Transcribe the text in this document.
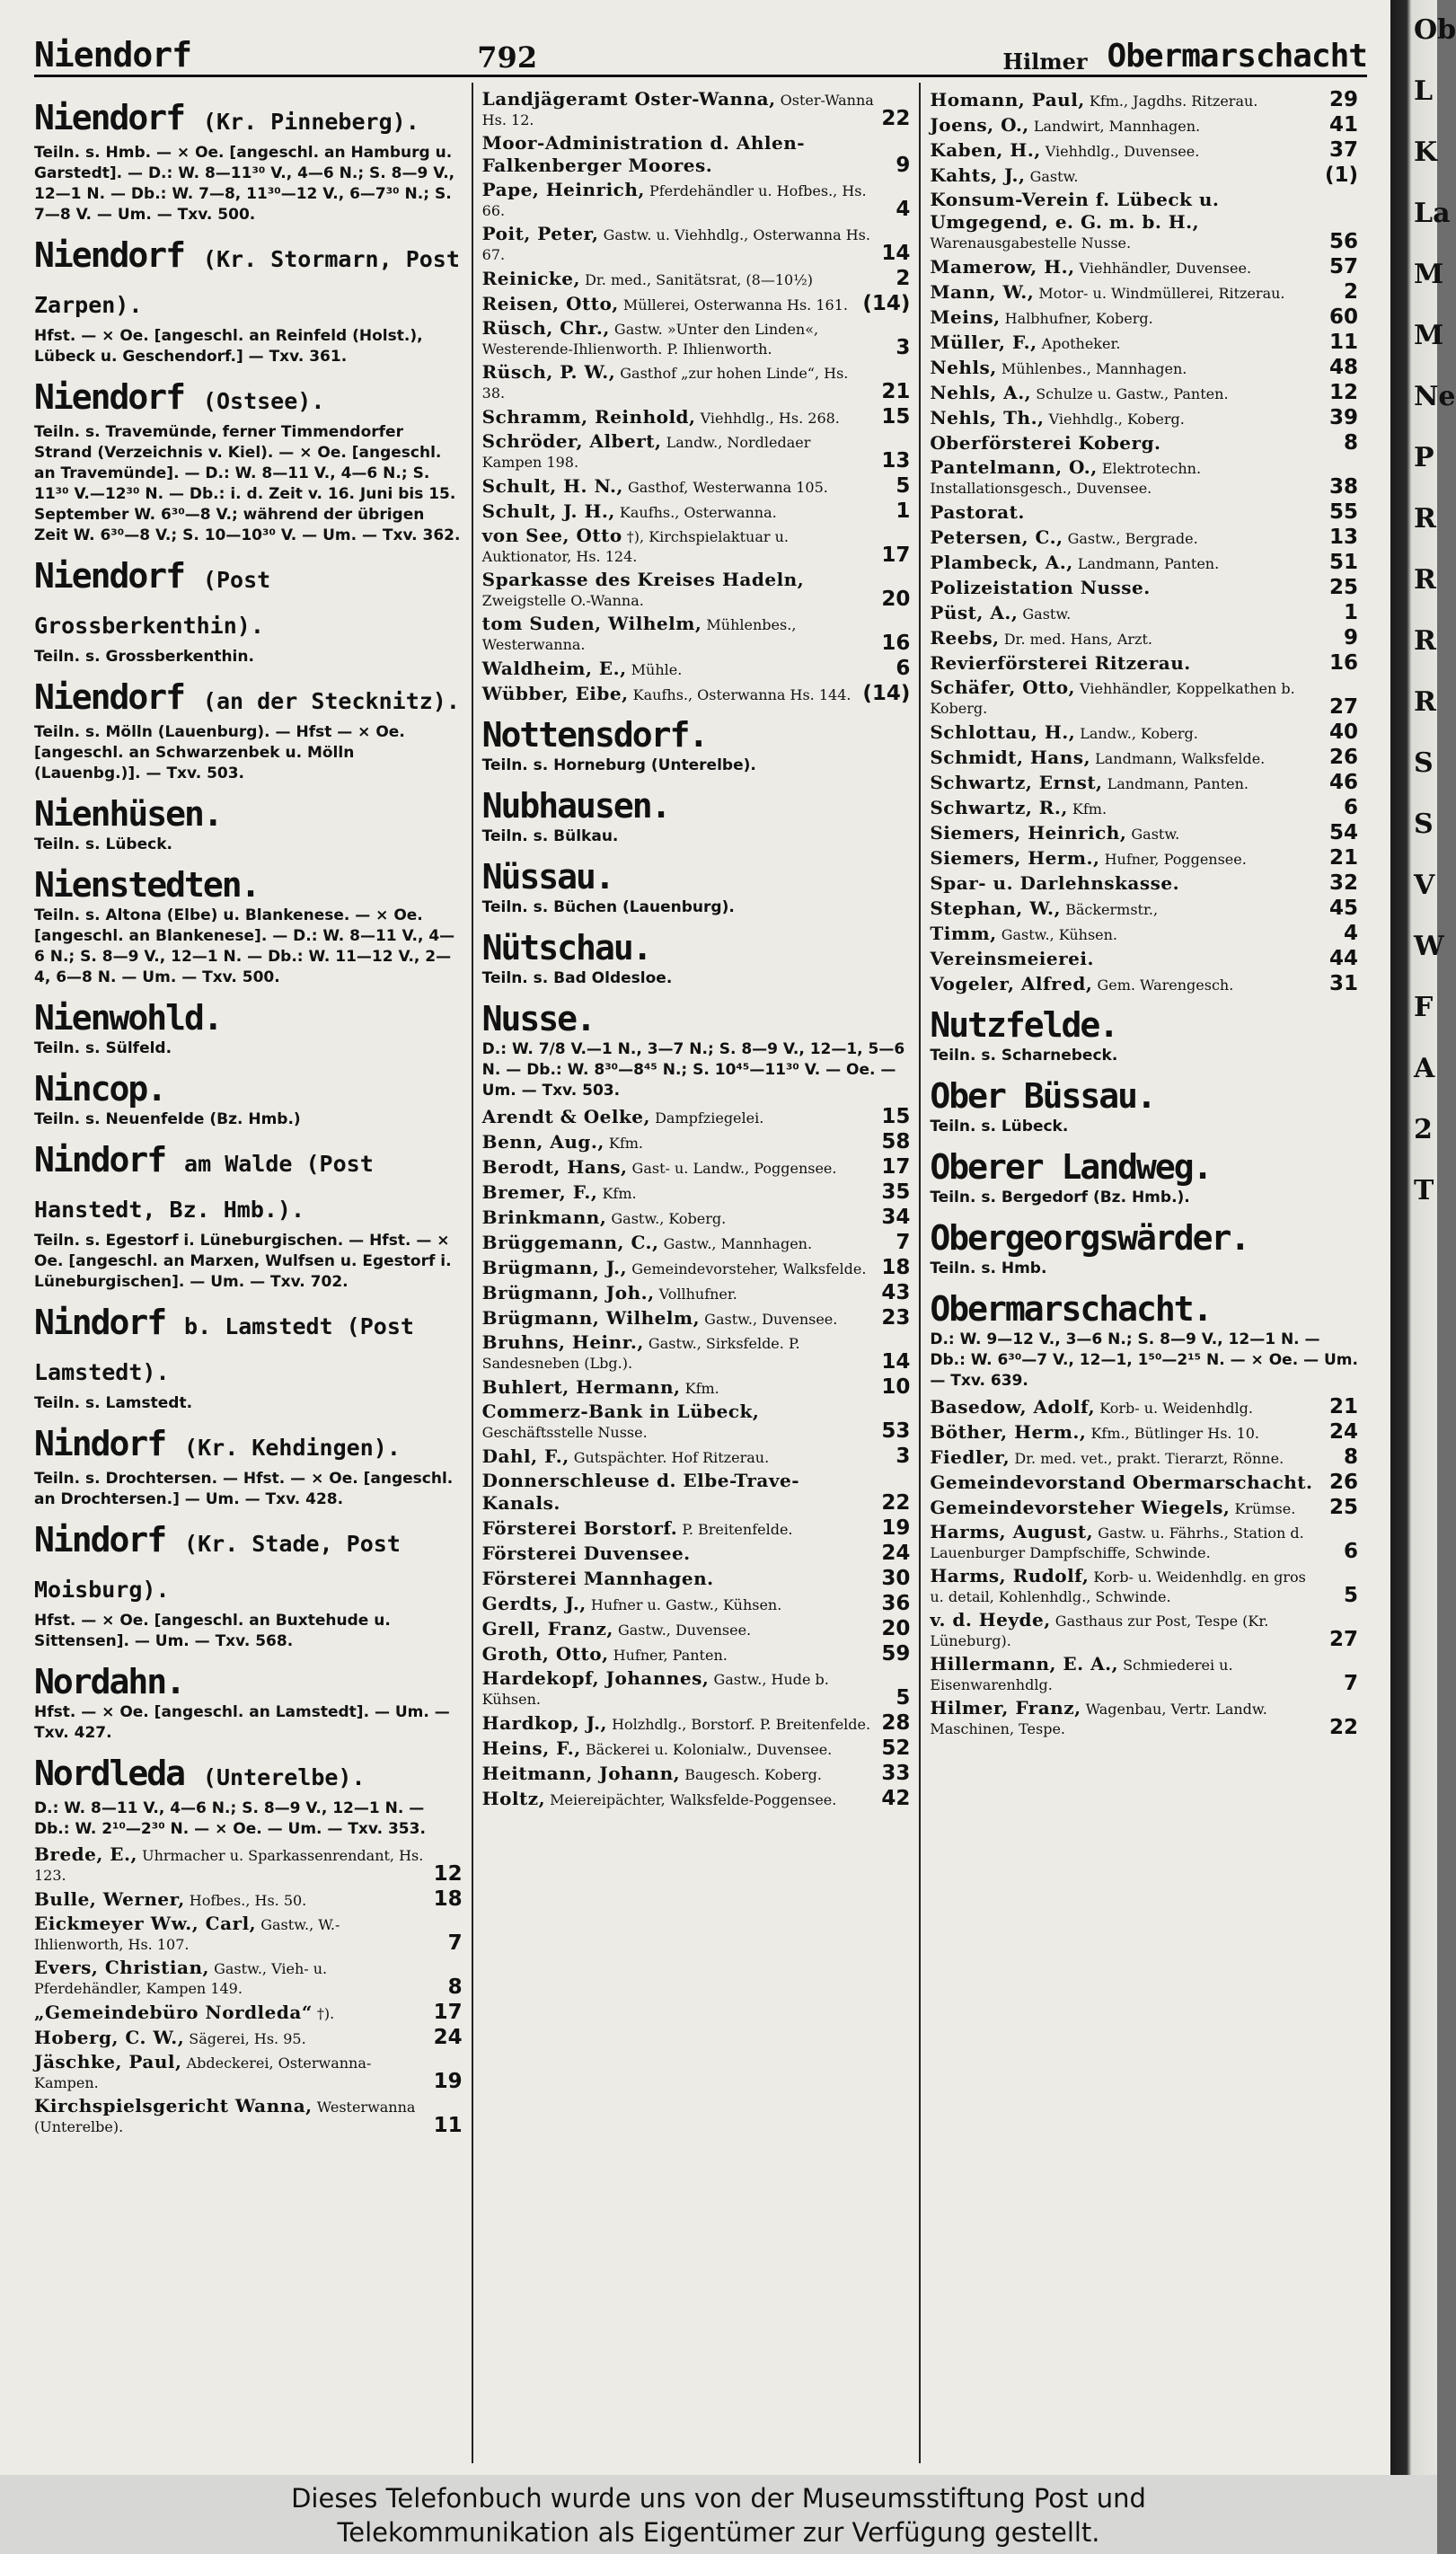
Niendorf	792	Hilmer Obermarschacht
Niendorf (Kr. Pinneberg).
Teiln. s. Hmb. — × Oe. [angeschl. an Hamburg u. Garstedt]. — D.: W. 8—11³⁰ V., 4—6 N.; S. 8—9 V., 12—1 N. — Db.: W. 7—8, 11³⁰—12 V., 6—7³⁰ N.; S. 7—8 V. — Um. — Txv. 500.
Niendorf (Kr. Stormarn, Post Zarpen).
Hfst. — × Oe. [angeschl. an Reinfeld (Holst.), Lübeck u. Geschendorf.] — Txv. 361.
Niendorf (Ostsee).
Teiln. s. Travemünde, ferner Timmendorfer Strand (Verzeichnis v. Kiel). — × Oe. [angeschl. an Travemünde]. — D.: W. 8—11 V., 4—6 N.; S. 11³⁰ V.—12³⁰ N. — Db.: i. d. Zeit v. 16. Juni bis 15. September W. 6³⁰—8 V.; während der übrigen Zeit W. 6³⁰—8 V.; S. 10—10³⁰ V. — Um. — Txv. 362.
Niendorf (Post Grossberkenthin).
Teiln. s. Grossberkenthin.
Niendorf (an der Stecknitz).
Teiln. s. Mölln (Lauenburg). — Hfst — × Oe. [angeschl. an Schwarzenbek u. Mölln (Lauenbg.)]. — Txv. 503.
Nienhüsen.
Teiln. s. Lübeck.
Nienstedten.
Teiln. s. Altona (Elbe) u. Blankenese. — × Oe. [angeschl. an Blankenese]. — D.: W. 8—11 V., 4—6 N.; S. 8—9 V., 12—1 N. — Db.: W. 11—12 V., 2—4, 6—8 N. — Um. — Txv. 500.
Nienwohld.
Teiln. s. Sülfeld.
Nincop.
Teiln. s. Neuenfelde (Bz. Hmb.)
Nindorf am Walde (Post Hanstedt, Bz. Hmb.).
Teiln. s. Egestorf i. Lüneburgischen. — Hfst. — × Oe. [angeschl. an Marxen, Wulfsen u. Egestorf i. Lüneburgischen]. — Um. — Txv. 702.
Nindorf b. Lamstedt (Post Lamstedt).
Teiln. s. Lamstedt.
Nindorf (Kr. Kehdingen).
Teiln. s. Drochtersen. — Hfst. — × Oe. [angeschl. an Drochtersen.] — Um. — Txv. 428.
Nindorf (Kr. Stade, Post Moisburg).
Hfst. — × Oe. [angeschl. an Buxtehude u. Sittensen]. — Um. — Txv. 568.
Nordahn.
Hfst. — × Oe. [angeschl. an Lamstedt]. — Um. — Txv. 427.
Nordleda (Unterelbe).
D.: W. 8—11 V., 4—6 N.; S. 8—9 V., 12—1 N. — Db.: W. 2¹⁰—2³⁰ N. — × Oe. — Um. — Txv. 353.
Brede, E., Uhrmacher u. Sparkassenrendant, Hs. 123.	12
Bulle, Werner, Hofbes., Hs. 50.	18
Eickmeyer Ww., Carl, Gastw., W.-Ihlienworth, Hs. 107.	7
Evers, Christian, Gastw., Vieh- u. Pferdehändler, Kampen 149.	8
„Gemeindebüro Nordleda“ †).	17
Hoberg, C. W., Sägerei, Hs. 95.	24
Jäschke, Paul, Abdeckerei, Osterwanna-Kampen.	19
Kirchspielsgericht Wanna, Westerwanna (Unterelbe).	11
Landjägeramt Oster-Wanna, Oster-Wanna Hs. 12.	22
Moor-Administration d. Ahlen-Falkenberger Moores.	9
Pape, Heinrich, Pferdehändler u. Hofbes., Hs. 66.	4
Poit, Peter, Gastw. u. Viehhdlg., Osterwanna Hs. 67.	14
Reinicke, Dr. med., Sanitätsrat, (8—10½)	2
Reisen, Otto, Müllerei, Osterwanna Hs. 161. (14)
Rüsch, Chr., Gastw. »Unter den Linden«, Westerende-Ihlienworth. P. Ihlienworth.	3
Rüsch, P. W., Gasthof „zur hohen Linde“, Hs. 38.	21
Schramm, Reinhold, Viehhdlg., Hs. 268.	15
Schröder, Albert, Landw., Nordledaer Kampen 198.	13
Schult, H. N., Gasthof, Westerwanna 105.	5
Schult, J. H., Kaufhs., Osterwanna.	1
von See, Otto †), Kirchspielaktuar u. Auktionator, Hs. 124.	17
Sparkasse des Kreises Hadeln, Zweigstelle O.-Wanna.	20
tom Suden, Wilhelm, Mühlenbes., Westerwanna.	16
Waldheim, E., Mühle.	6
Wübber, Eibe, Kaufhs., Osterwanna Hs. 144. (14)
Nottensdorf.
Teiln. s. Horneburg (Unterelbe).
Nubhausen.
Teiln. s. Bülkau.
Nüssau.
Teiln. s. Büchen (Lauenburg).
Nütschau.
Teiln. s. Bad Oldesloe.
Nusse.
D.: W. 7/8 V.—1 N., 3—7 N.; S. 8—9 V., 12—1, 5—6 N. — Db.: W. 8³⁰—8⁴⁵ N.; S. 10⁴⁵—11³⁰ V. — Oe. — Um. — Txv. 503.
Arendt & Oelke, Dampfziegelei.	15
Benn, Aug., Kfm.	58
Berodt, Hans, Gast- u. Landw., Poggensee.	17
Bremer, F., Kfm.	35
Brinkmann, Gastw., Koberg.	34
Brüggemann, C., Gastw., Mannhagen.	7
Brügmann, J., Gemeindevorsteher, Walksfelde. 18
Brügmann, Joh., Vollhufner.	43
Brügmann, Wilhelm, Gastw., Duvensee.	23
Bruhns, Heinr., Gastw., Sirksfelde. P. Sandesneben (Lbg.).	14
Buhlert, Hermann, Kfm.	10
Commerz-Bank in Lübeck, Geschäftsstelle Nusse.	53
Dahl, F., Gutspächter. Hof Ritzerau.	3
Donnerschleuse d. Elbe-Trave-Kanals.	22
Försterei Borstorf. P. Breitenfelde.	19
Försterei Duvensee.	24
Försterei Mannhagen.	30
Gerdts, J., Hufner u. Gastw., Kühsen.	36
Grell, Franz, Gastw., Duvensee.	20
Groth, Otto, Hufner, Panten.	59
Hardekopf, Johannes, Gastw., Hude b. Kühsen.	5
Hardkop, J., Holzhdlg., Borstorf. P. Breitenfelde. 28
Heins, F., Bäckerei u. Kolonialw., Duvensee.	52
Heitmann, Johann, Baugesch. Koberg.	33
Holtz, Meiereipächter, Walksfelde-Poggensee.	42
Homann, Paul, Kfm., Jagdhs. Ritzerau.	29
Joens, O., Landwirt, Mannhagen.	41
Kaben, H., Viehhdlg., Duvensee.	37
Kahts, J., Gastw.	(1)
Konsum-Verein f. Lübeck u. Umgegend, e. G. m. b. H., Warenausgabestelle Nusse.	56
Mamerow, H., Viehhändler, Duvensee.	57
Mann, W., Motor- u. Windmüllerei, Ritzerau.	2
Meins, Halbhufner, Koberg.	60
Müller, F., Apotheker.	11
Nehls, Mühlenbes., Mannhagen.	48
Nehls, A., Schulze u. Gastw., Panten.	12
Nehls, Th., Viehhdlg., Koberg.	39
Oberförsterei Koberg.	8
Pantelmann, O., Elektrotechn. Installationsgesch., Duvensee.	38
Pastorat.	55
Petersen, C., Gastw., Bergrade.	13
Plambeck, A., Landmann, Panten.	51
Polizeistation Nusse.	25
Püst, A., Gastw.	1
Reebs, Dr. med. Hans, Arzt.	9
Revierförsterei Ritzerau.	16
Schäfer, Otto, Viehhändler, Koppelkathen b. Koberg.	27
Schlottau, H., Landw., Koberg.	40
Schmidt, Hans, Landmann, Walksfelde.	26
Schwartz, Ernst, Landmann, Panten.	46
Schwartz, R., Kfm.	6
Siemers, Heinrich, Gastw.	54
Siemers, Herm., Hufner, Poggensee.	21
Spar- u. Darlehnskasse.	32
Stephan, W., Bäckermstr.,	45
Timm, Gastw., Kühsen.	4
Vereinsmeierei.	44
Vogeler, Alfred, Gem. Warengesch.	31
Nutzfelde.
Teiln. s. Scharnebeck.
Ober Büssau.
Teiln. s. Lübeck.
Oberer Landweg.
Teiln. s. Bergedorf (Bz. Hmb.).
Obergeorgswärder.
Teiln. s. Hmb.
Obermarschacht.
D.: W. 9—12 V., 3—6 N.; S. 8—9 V., 12—1 N. — Db.: W. 6³⁰—7 V., 12—1, 1⁵⁰—2¹⁵ N. — × Oe. — Um. — Txv. 639.
Basedow, Adolf, Korb- u. Weidenhdlg.	21
Böther, Herm., Kfm., Bütlinger Hs. 10.	24
Fiedler, Dr. med. vet., prakt. Tierarzt, Rönne.	8
Gemeindevorstand Obermarschacht. 26
Gemeindevorsteher Wiegels, Krümse.	25
Harms, August, Gastw. u. Fährhs., Station d. Lauenburger Dampfschiffe, Schwinde.	6
Harms, Rudolf, Korb- u. Weidenhdlg. en gros u. detail, Kohlenhdlg., Schwinde.	5
v. d. Heyde, Gasthaus zur Post, Tespe (Kr. Lüneburg).	27
Hillermann, E. A., Schmiederei u. Eisenwarenhdlg.	7
Hilmer, Franz, Wagenbau, Vertr. Landw. Maschinen, Tespe.	22
Ob
L
K
La
M
M
Ne
P
R
R
R
R
S
S
V
W
F
A
2
T
Dieses Telefonbuch wurde uns von der Museumsstiftung Post und
Telekommunikation als Eigentümer zur Verfügung gestellt.
